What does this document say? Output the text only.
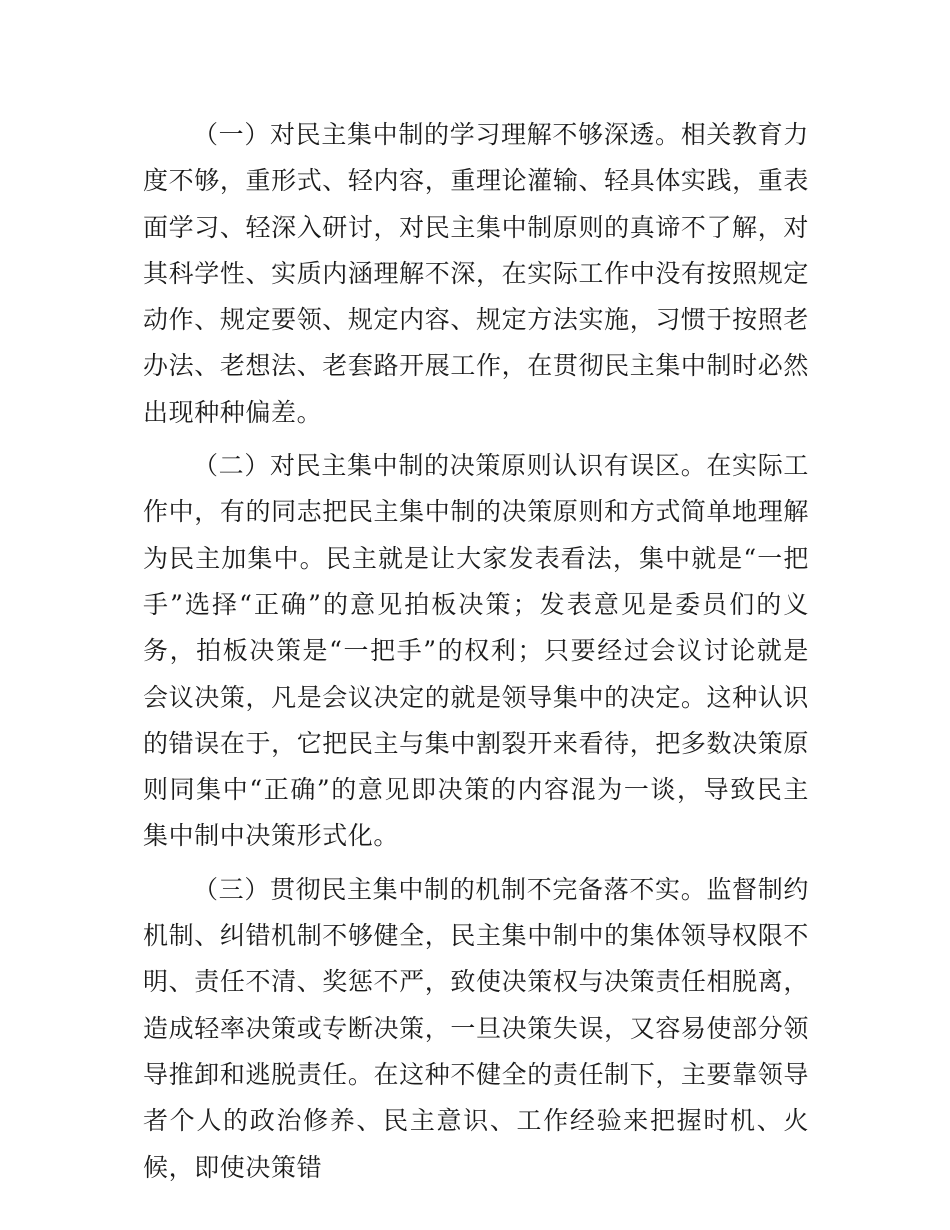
（一）对民主集中制的学习理解不够深透。相关教育力度不够，重形式、轻内容，重理论灌输、轻具体实践，重表面学习、轻深入研讨，对民主集中制原则的真谛不了解，对其科学性、实质内涵理解不深，在实际工作中没有按照规定动作、规定要领、规定内容、规定方法实施，习惯于按照老办法、老想法、老套路开展工作，在贯彻民主集中制时必然出现种种偏差。

（二）对民主集中制的决策原则认识有误区。在实际工作中，有的同志把民主集中制的决策原则和方式简单地理解为民主加集中。民主就是让大家发表看法，集中就是“一把手”选择“正确”的意见拍板决策；发表意见是委员们的义务，拍板决策是“一把手”的权利；只要经过会议讨论就是会议决策，凡是会议决定的就是领导集中的决定。这种认识的错误在于，它把民主与集中割裂开来看待，把多数决策原则同集中“正确”的意见即决策的内容混为一谈，导致民主集中制中决策形式化。

（三）贯彻民主集中制的机制不完备落不实。监督制约机制、纠错机制不够健全，民主集中制中的集体领导权限不明、责任不清、奖惩不严，致使决策权与决策责任相脱离，造成轻率决策或专断决策，一旦决策失误，又容易使部分领导推卸和逃脱责任。在这种不健全的责任制下，主要靠领导者个人的政治修养、民主意识、工作经验来把握时机、火候，即使决策错
